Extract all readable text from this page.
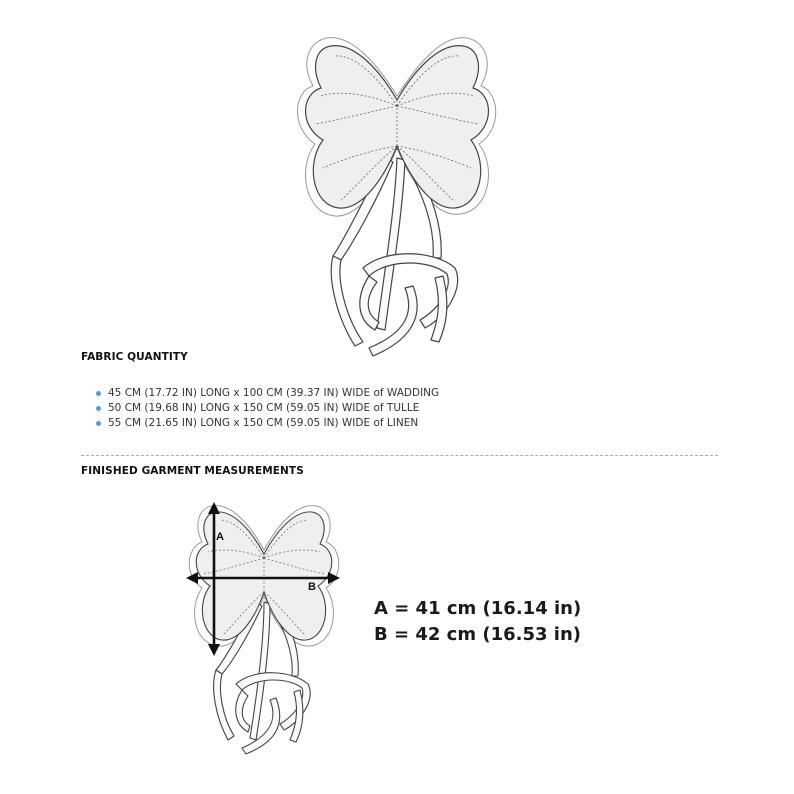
FABRIC QUANTITY
45 CM (17.72 IN) LONG x 100 CM (39.37 IN) WIDE of WADDING
50 CM (19.68 IN) LONG x 150 CM (59.05 IN) WIDE of TULLE
55 CM (21.65 IN) LONG x 150 CM (59.05 IN) WIDE of LINEN
FINISHED GARMENT MEASUREMENTS
A
B
A = 41 cm (16.14 in)
B = 42 cm (16.53 in)
